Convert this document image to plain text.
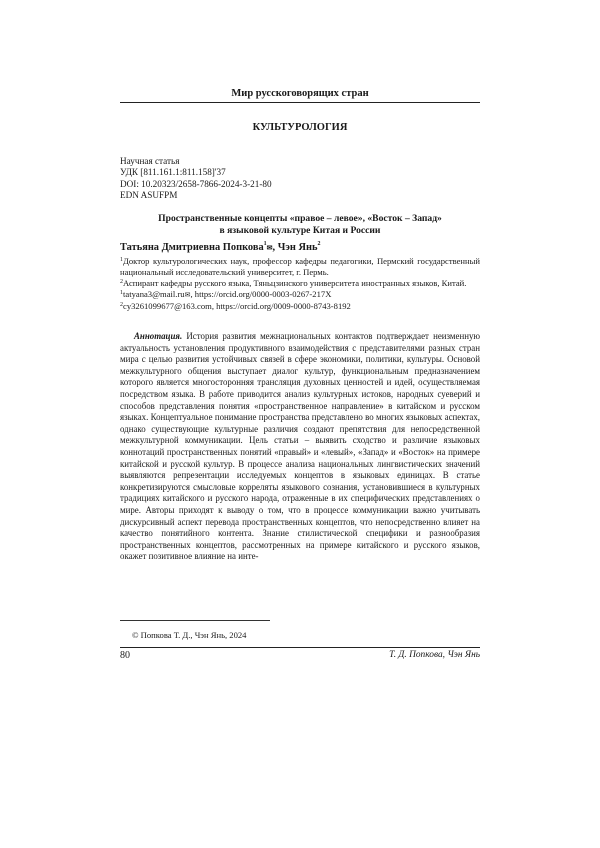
Мир русскоговорящих стран
КУЛЬТУРОЛОГИЯ
Научная статья
УДК [811.161.1:811.158]'37
DOI: 10.20323/2658-7866-2024-3-21-80
EDN ASUFPM
Пространственные концепты «правое – левое», «Восток – Запад»
в языковой культуре Китая и России
Татьяна Дмитриевна Попкова$^1$✉, Чэн Янь$^2$

$^1$Доктор культурологических наук, профессор кафедры педагогики, Пермский государственный национальный исследовательский университет, г. Пермь.

$^2$Аспирант кафедры русского языка, Тяньцзинского университета иностранных языков, Китай.

$^1$tatyana3@mail.ru✉, https://orcid.org/0000-0003-0267-217X

$^2$cy3261099677@163.com, https://orcid.org/0009-0000-8743-8192

Аннотация. История развития межнациональных контактов подтверждает неизменную актуальность установления продуктивного взаимодействия с представителями разных стран мира с целью развития устойчивых связей в сфере экономики, политики, культуры. Основой межкультурного общения выступает диалог культур, функциональным предназначением которого является многосторонняя трансляция духовных ценностей и идей, осуществляемая посредством языка. В работе приводится анализ культурных истоков, народных суеверий и способов представления понятия «пространственное направление» в китайском и русском языках. Концептуальное понимание пространства представлено во многих языковых аспектах, однако существующие культурные различия создают препятствия для непосредственной межкультурной коммуникации. Цель статьи – выявить сходство и различие языковых коннотаций пространственных понятий «правый» и «левый», «Запад» и «Восток» на примере китайской и русской культур. В процессе анализа национальных лингвистических значений выявляются репрезентации исследуемых концептов в языковых единицах. В статье конкретизируются смысловые корреляты языкового сознания, установившиеся в культурных традициях китайского и русского народа, отраженные в их специфических представлениях о мире. Авторы приходят к выводу о том, что в процессе коммуникации важно учитывать дискурсивный аспект перевода пространственных концептов, что непосредственно влияет на качество понятийного контента. Знание стилистической специфики и разнообразия пространственных концептов, рассмотренных на примере китайского и русского языков, окажет позитивное влияние на инте-

© Попкова Т. Д., Чэн Янь, 2024
80	Т. Д. Попкова, Чэн Янь
